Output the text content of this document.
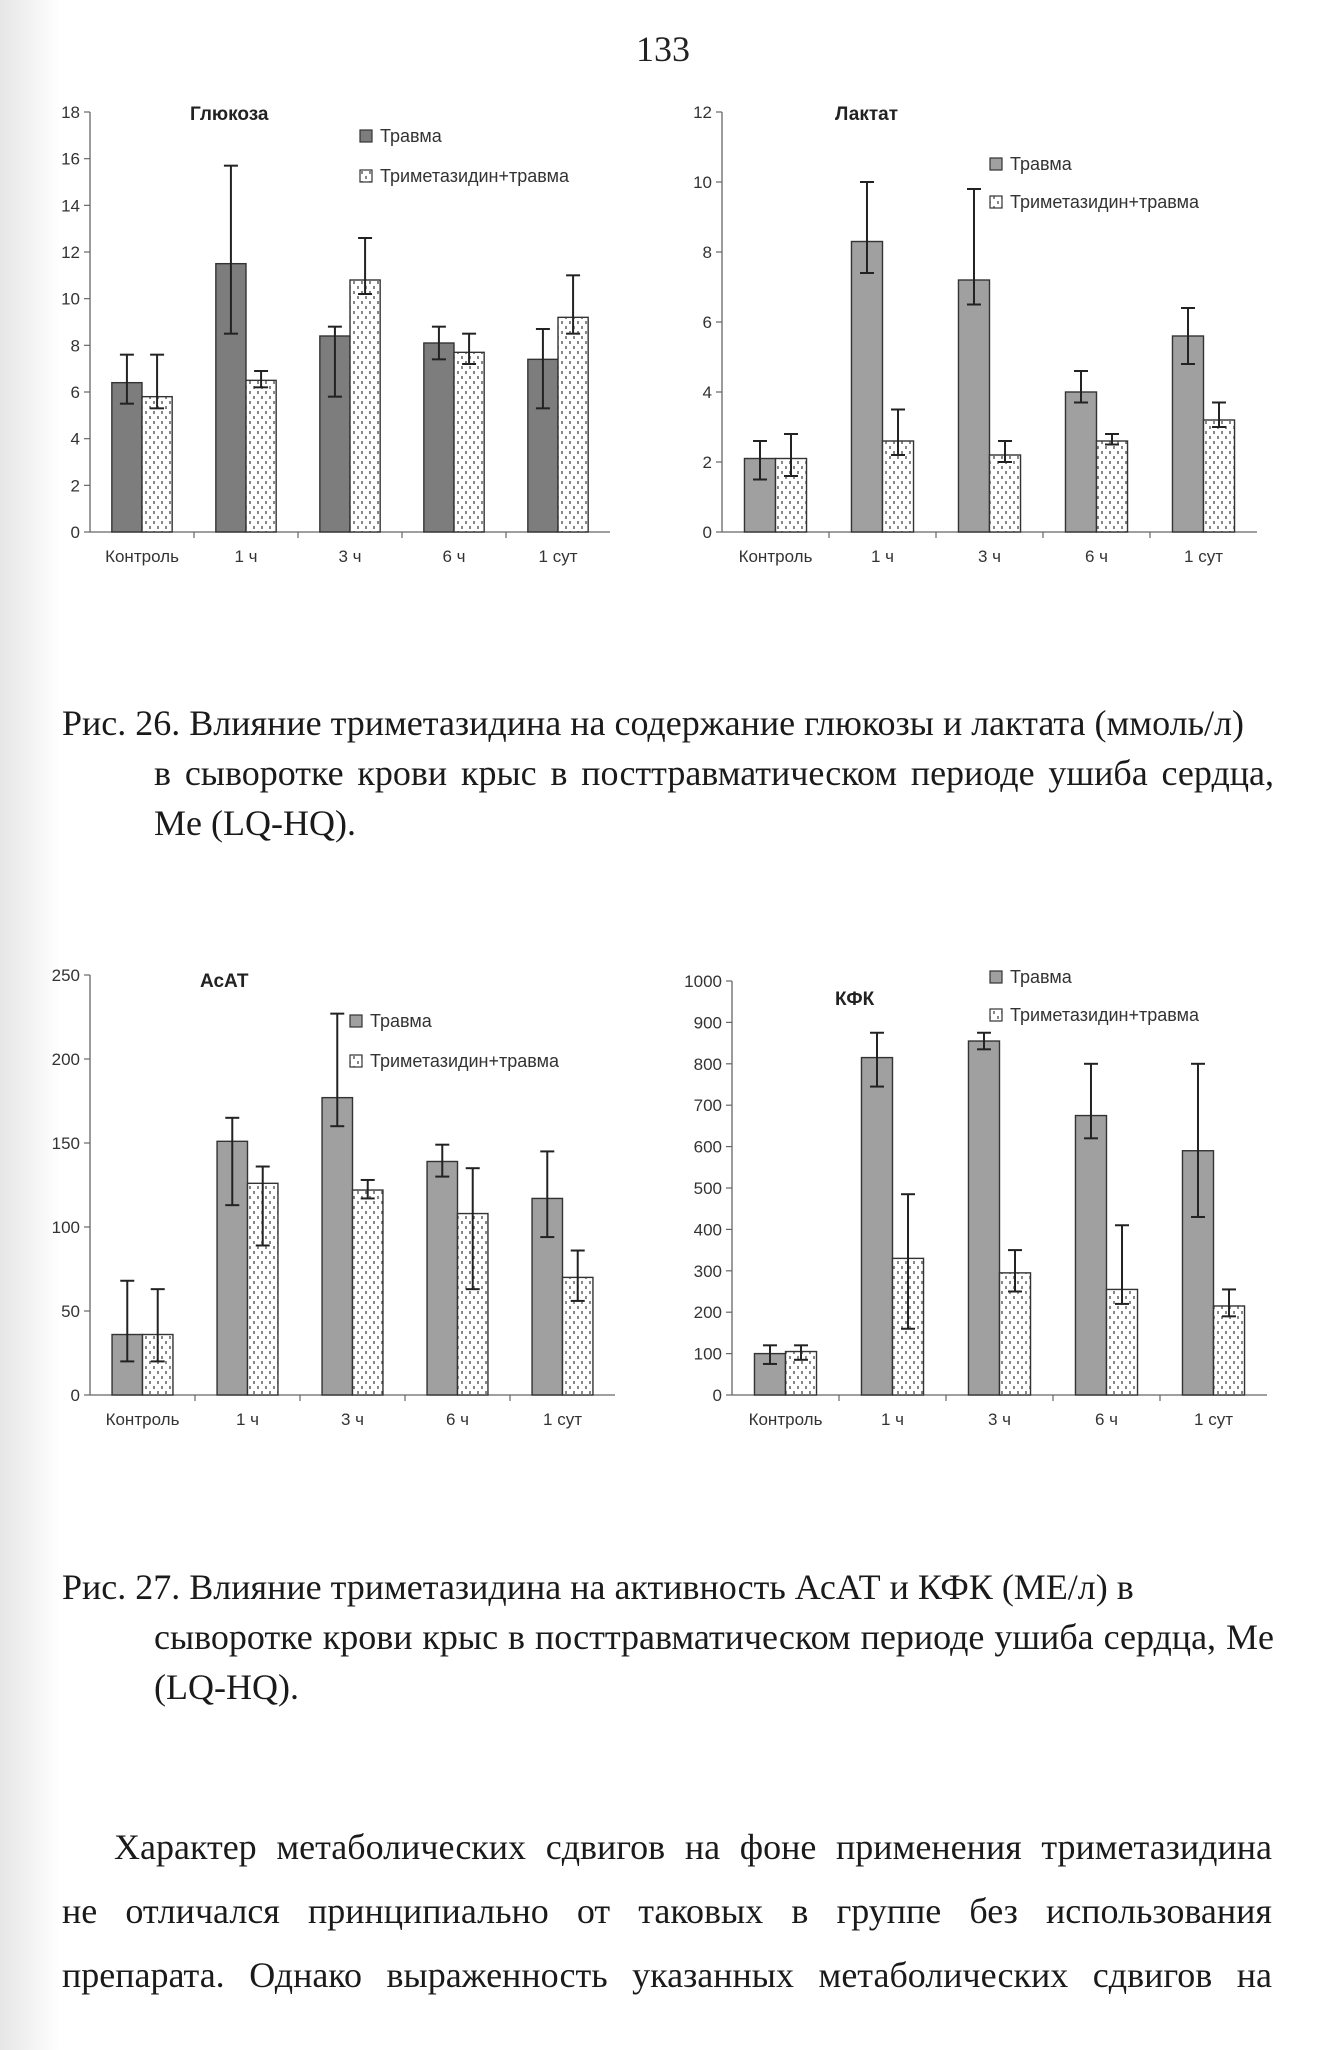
133
0
2
4
6
8
10
12
14
16
18
Контроль	1 ч	3 ч	6 ч	1 сут
Глюкоза
Травма
Триметазидин+травма
0
2
4
6
8
10
12
Контроль	1 ч	3 ч	6 ч	1 сут
Лактат
Травма
Триметазидин+травма
Рис. 26. Влияние триметазидина на содержание глюкозы и лактата (ммоль/л)
в сыворотке крови крыс в посттравматическом периоде ушиба сердца, Me (LQ-HQ).
0
50
100
150
200
250
Контроль	1 ч	3 ч	6 ч	1 сут
АсАТ
Травма
Триметазидин+травма
0
100
200
300
400
500
600
700
800
900
1000
Контроль	1 ч	3 ч	6 ч	1 сут
КФК
Травма
Триметазидин+травма
Рис. 27. Влияние триметазидина на активность АсАТ и КФК (МЕ/л) в
сыворотке крови крыс в посттравматическом периоде ушиба сердца, Me (LQ-HQ).
Характер метаболических сдвигов на фоне применения триметазидина
не отличался принципиально от таковых в группе без использования
препарата. Однако выраженность указанных метаболических сдвигов на
